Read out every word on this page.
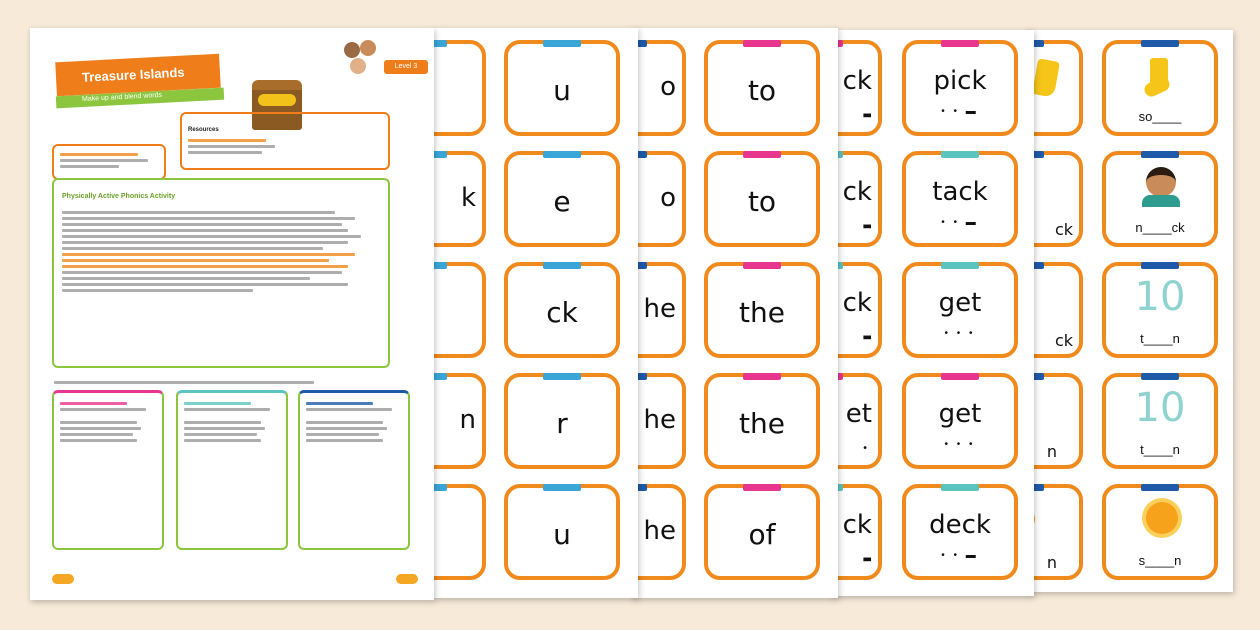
ck
ck
n
n
so____
n____ck
10
t____n
10
t____n
s____n
ck
▬
ck
▬
ck
▬
et
•
ck
▬
pick
• • ▬
tack
• • ▬
get
• • •
get
• • •
deck
• • ▬
o
o
he
he
he
to
to
the
the
of
k
n
u
e
ck
r
u
Treasure Islands
Make up and blend words
Level 3
Resources
Physically Active Phonics Activity
